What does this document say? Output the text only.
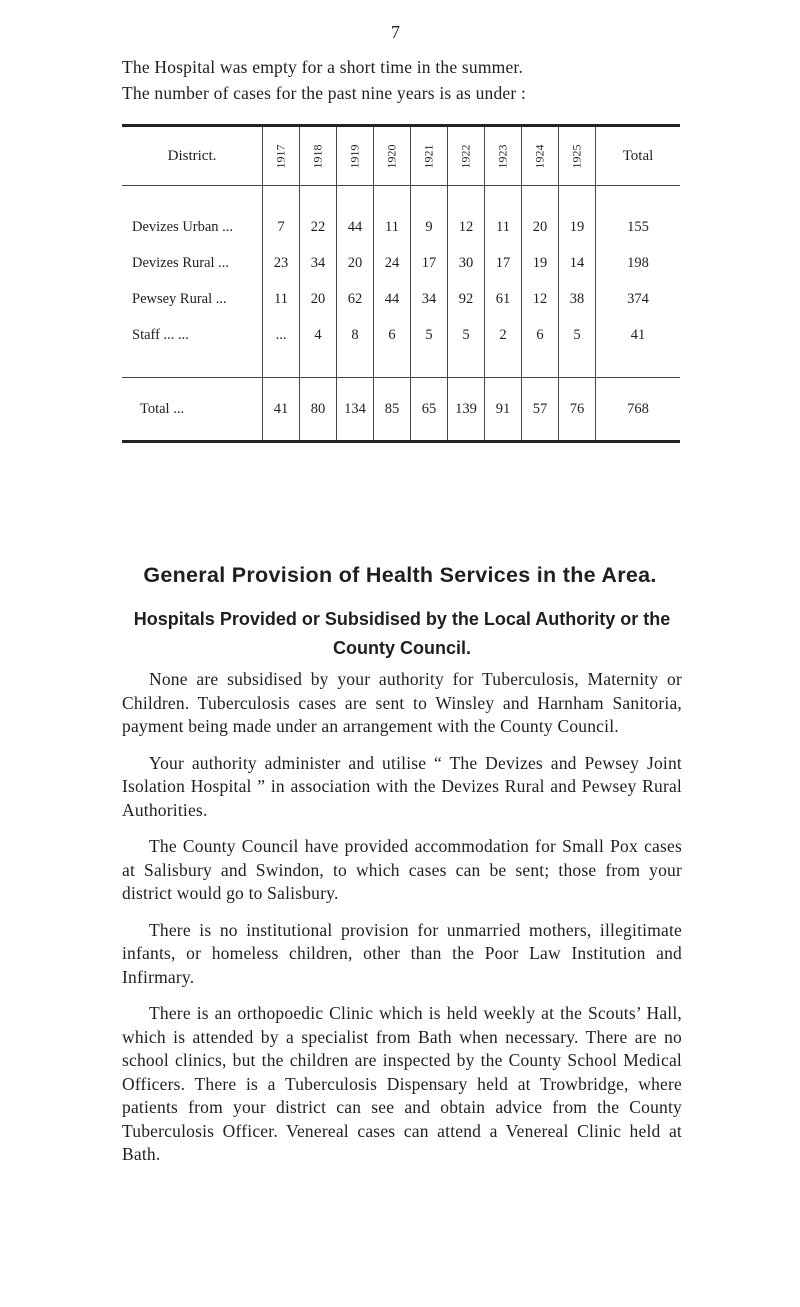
7

The Hospital was empty for a short time in the summer.

The number of cases for the past nine years is as under :

District.	1917	1918	1919	1920	1921	1922	1923	1924	1925	Total

Devizes Urban ...	7	22	44	11	9	12	11	20	19	155
Devizes Rural ...	23	34	20	24	17	30	17	19	14	198
Pewsey Rural ...	11	20	62	44	34	92	61	12	38	374
Staff ... ...	...	4	8	6	5	5	2	6	5	41

Total ...	41	80	134	85	65	139	91	57	76	768
General Provision of Health Services in the Area.
Hospitals Provided or Subsidised by the Local Authority or the County Council.

None are subsidised by your authority for Tuberculosis, Maternity or Children. Tuberculosis cases are sent to Winsley and Harnham Sanitoria, payment being made under an arrangement with the County Council.

Your authority administer and utilise “ The Devizes and Pewsey Joint Isolation Hospital ” in association with the Devizes Rural and Pewsey Rural Authorities.

The County Council have provided accommodation for Small Pox cases at Salisbury and Swindon, to which cases can be sent; those from your district would go to Salisbury.

There is no institutional provision for unmarried mothers, illegitimate infants, or homeless children, other than the Poor Law Institution and Infirmary.

There is an orthopoedic Clinic which is held weekly at the Scouts’ Hall, which is attended by a specialist from Bath when necessary. There are no school clinics, but the children are inspected by the County School Medical Officers. There is a Tuberculosis Dispensary held at Trowbridge, where patients from your district can see and obtain advice from the County Tuberculosis Officer. Venereal cases can attend a Venereal Clinic held at Bath.
